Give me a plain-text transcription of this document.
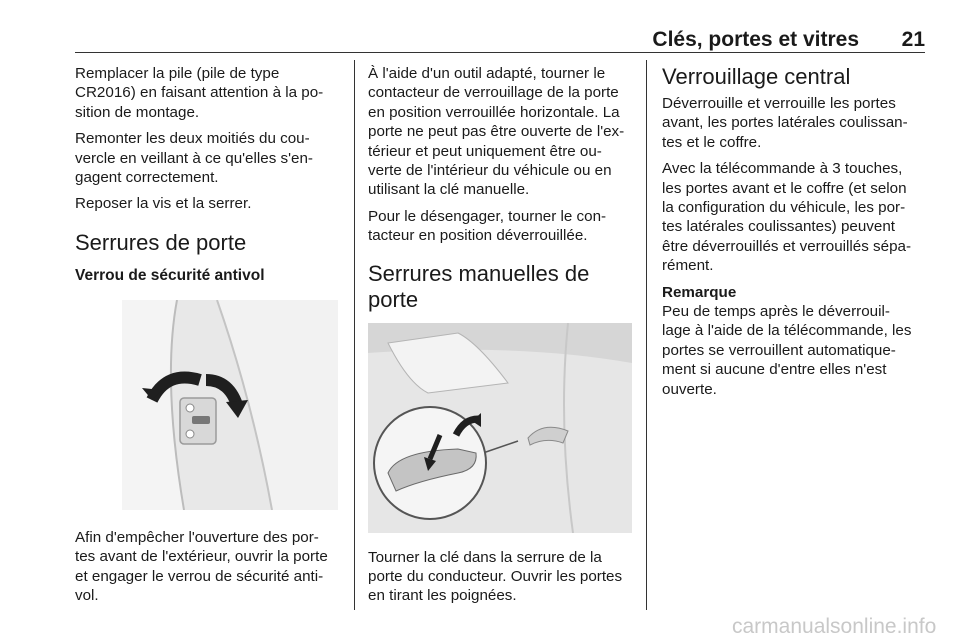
Clés, portes et vitres 21

Remplacer la pile (pile de type
CR2016) en faisant attention à la po-
sition de montage.

Remonter les deux moitiés du cou-
vercle en veillant à ce qu'elles s'en-
gagent correctement.

Reposer la vis et la serrer.

Serrures de porte
Verrou de sécurité antivol

Afin d'empêcher l'ouverture des por-
tes avant de l'extérieur, ouvrir la porte
et engager le verrou de sécurité anti-
vol.

À l'aide d'un outil adapté, tourner le
contacteur de verrouillage de la porte
en position verrouillée horizontale. La
porte ne peut pas être ouverte de l'ex-
térieur et peut uniquement être ou-
verte de l'intérieur du véhicule ou en
utilisant la clé manuelle.

Pour le désengager, tourner le con-
tacteur en position déverrouillée.

Serrures manuelles de
porte

Tourner la clé dans la serrure de la
porte du conducteur. Ouvrir les portes
en tirant les poignées.

Verrouillage central

Déverrouille et verrouille les portes
avant, les portes latérales coulissan-
tes et le coffre.

Avec la télécommande à 3 touches,
les portes avant et le coffre (et selon
la configuration du véhicule, les por-
tes latérales coulissantes) peuvent
être déverrouillés et verrouillés sépa-
rément.

Remarque
Peu de temps après le déverrouil-
lage à l'aide de la télécommande, les
portes se verrouillent automatique-
ment si aucune d'entre elles n'est
ouverte.

carmanualsonline.info
